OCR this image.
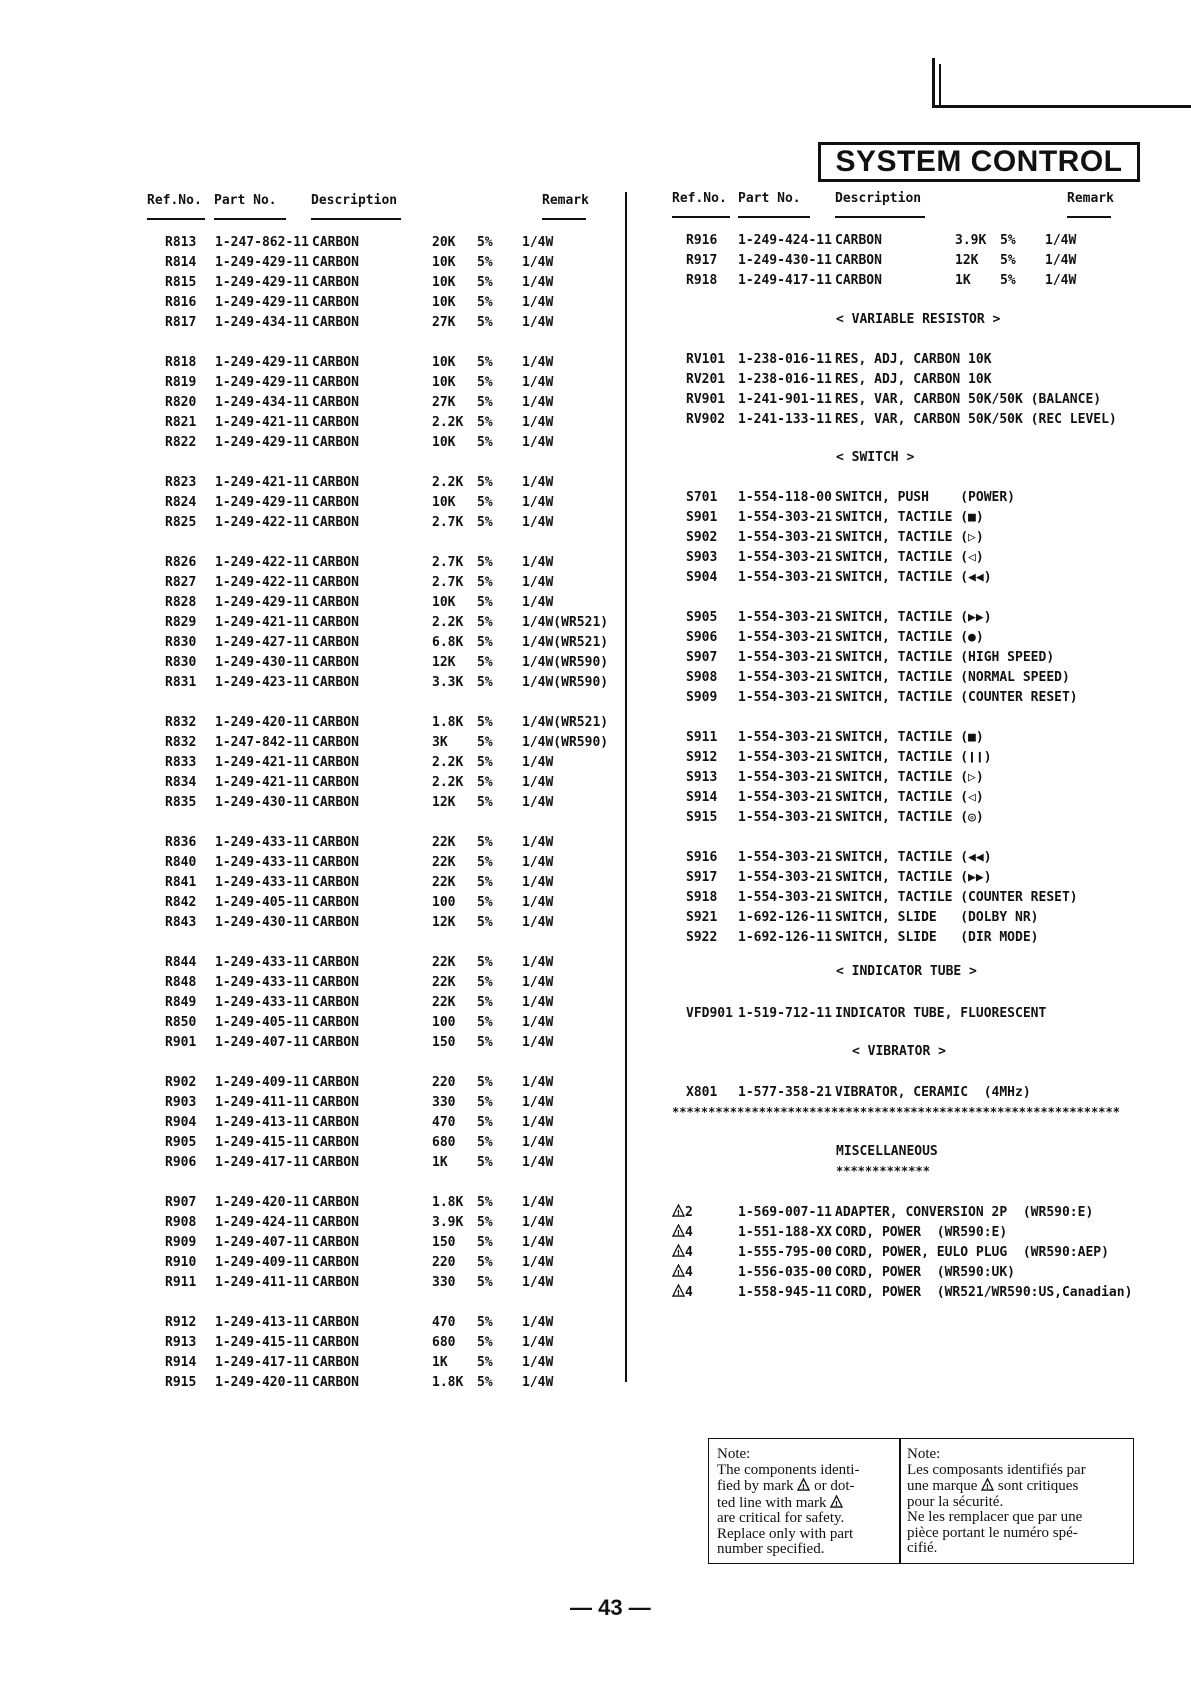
SYSTEM CONTROL
Ref.No. Part No.	Description	Remark	Ref.No. Part No.	Description	Remark
R813 1-247-862-11 CARBON	20K 5% 1/4W
R814 1-249-429-11 CARBON	10K 5% 1/4W
R815 1-249-429-11 CARBON	10K 5% 1/4W
R816 1-249-429-11 CARBON	10K 5% 1/4W
R817 1-249-434-11 CARBON	27K 5% 1/4W
R818 1-249-429-11 CARBON	10K 5% 1/4W
R819 1-249-429-11 CARBON	10K 5% 1/4W
R820 1-249-434-11 CARBON	27K 5% 1/4W
R821 1-249-421-11 CARBON	2.2K 5% 1/4W
R822 1-249-429-11 CARBON	10K 5% 1/4W
R823 1-249-421-11 CARBON	2.2K 5% 1/4W
R824 1-249-429-11 CARBON	10K 5% 1/4W
R825 1-249-422-11 CARBON	2.7K 5% 1/4W
R826 1-249-422-11 CARBON	2.7K 5% 1/4W
R827 1-249-422-11 CARBON	2.7K 5% 1/4W
R828 1-249-429-11 CARBON	10K 5% 1/4W
R829 1-249-421-11 CARBON	2.2K 5% 1/4W(WR521)
R830 1-249-427-11 CARBON	6.8K 5% 1/4W(WR521)
R830 1-249-430-11 CARBON	12K 5% 1/4W(WR590)
R831 1-249-423-11 CARBON	3.3K 5% 1/4W(WR590)
R832 1-249-420-11 CARBON	1.8K 5% 1/4W(WR521)
R832 1-247-842-11 CARBON	3K 5% 1/4W(WR590)
R833 1-249-421-11 CARBON	2.2K 5% 1/4W
R834 1-249-421-11 CARBON	2.2K 5% 1/4W
R835 1-249-430-11 CARBON	12K 5% 1/4W
R836 1-249-433-11 CARBON	22K 5% 1/4W
R840 1-249-433-11 CARBON	22K 5% 1/4W
R841 1-249-433-11 CARBON	22K 5% 1/4W
R842 1-249-405-11 CARBON	100 5% 1/4W
R843 1-249-430-11 CARBON	12K 5% 1/4W
R844 1-249-433-11 CARBON	22K 5% 1/4W
R848 1-249-433-11 CARBON	22K 5% 1/4W
R849 1-249-433-11 CARBON	22K 5% 1/4W
R850 1-249-405-11 CARBON	100 5% 1/4W
R901 1-249-407-11 CARBON	150 5% 1/4W
R902 1-249-409-11 CARBON	220 5% 1/4W
R903 1-249-411-11 CARBON	330 5% 1/4W
R904 1-249-413-11 CARBON	470 5% 1/4W
R905 1-249-415-11 CARBON	680 5% 1/4W
R906 1-249-417-11 CARBON	1K 5% 1/4W
R907 1-249-420-11 CARBON	1.8K 5% 1/4W
R908 1-249-424-11 CARBON	3.9K 5% 1/4W
R909 1-249-407-11 CARBON	150 5% 1/4W
R910 1-249-409-11 CARBON	220 5% 1/4W
R911 1-249-411-11 CARBON	330 5% 1/4W
R912 1-249-413-11 CARBON	470 5% 1/4W
R913 1-249-415-11 CARBON	680 5% 1/4W
R914 1-249-417-11 CARBON	1K 5% 1/4W
R915 1-249-420-11 CARBON	1.8K 5% 1/4W
R916 1-249-424-11 CARBON	3.9K 5% 1/4W
R917 1-249-430-11 CARBON	12K 5% 1/4W
R918 1-249-417-11 CARBON	1K 5% 1/4W
< VARIABLE RESISTOR >
RV101 1-238-016-11 RES, ADJ, CARBON 10K
RV201 1-238-016-11 RES, ADJ, CARBON 10K
RV901 1-241-901-11 RES, VAR, CARBON 50K/50K (BALANCE)
RV902 1-241-133-11 RES, VAR, CARBON 50K/50K (REC LEVEL)
< SWITCH >
S701 1-554-118-00 SWITCH, PUSH    (POWER)
S901 1-554-303-21 SWITCH, TACTILE (■)
S902 1-554-303-21 SWITCH, TACTILE (▷)
S903 1-554-303-21 SWITCH, TACTILE (◁)
S904 1-554-303-21 SWITCH, TACTILE (◀◀)
S905 1-554-303-21 SWITCH, TACTILE (▶▶)
S906 1-554-303-21 SWITCH, TACTILE (●)
S907 1-554-303-21 SWITCH, TACTILE (HIGH SPEED)
S908 1-554-303-21 SWITCH, TACTILE (NORMAL SPEED)
S909 1-554-303-21 SWITCH, TACTILE (COUNTER RESET)
S911 1-554-303-21 SWITCH, TACTILE (■)
S912 1-554-303-21 SWITCH, TACTILE (❙❙)
S913 1-554-303-21 SWITCH, TACTILE (▷)
S914 1-554-303-21 SWITCH, TACTILE (◁)
S915 1-554-303-21 SWITCH, TACTILE (◎)
S916 1-554-303-21 SWITCH, TACTILE (◀◀)
S917 1-554-303-21 SWITCH, TACTILE (▶▶)
S918 1-554-303-21 SWITCH, TACTILE (COUNTER RESET)
S921 1-692-126-11 SWITCH, SLIDE   (DOLBY NR)
S922 1-692-126-11 SWITCH, SLIDE   (DIR MODE)
< INDICATOR TUBE >
VFD901 1-519-712-11 INDICATOR TUBE, FLUORESCENT
< VIBRATOR >
X801 1-577-358-21 VIBRATOR, CERAMIC  (4MHz)
**************************************************************
MISCELLANEOUS
*************
! 2	1-569-007-11 ADAPTER, CONVERSION 2P  (WR590:E)
! 4	1-551-188-XX CORD, POWER  (WR590:E)
! 4	1-555-795-00 CORD, POWER, EULO PLUG  (WR590:AEP)
! 4	1-556-035-00 CORD, POWER  (WR590:UK)
! 4	1-558-945-11 CORD, POWER  (WR521/WR590:US,Canadian)
Note:
The components identi-
fied by mark ! or dot-
ted line with mark !
are critical for safety.
Replace only with part
number specified.
Note:
Les composants identifiés par
une marque ! sont critiques
pour la sécurité.
Ne les remplacer que par une
pièce portant le numéro spé-
cifié.
— 43 —
